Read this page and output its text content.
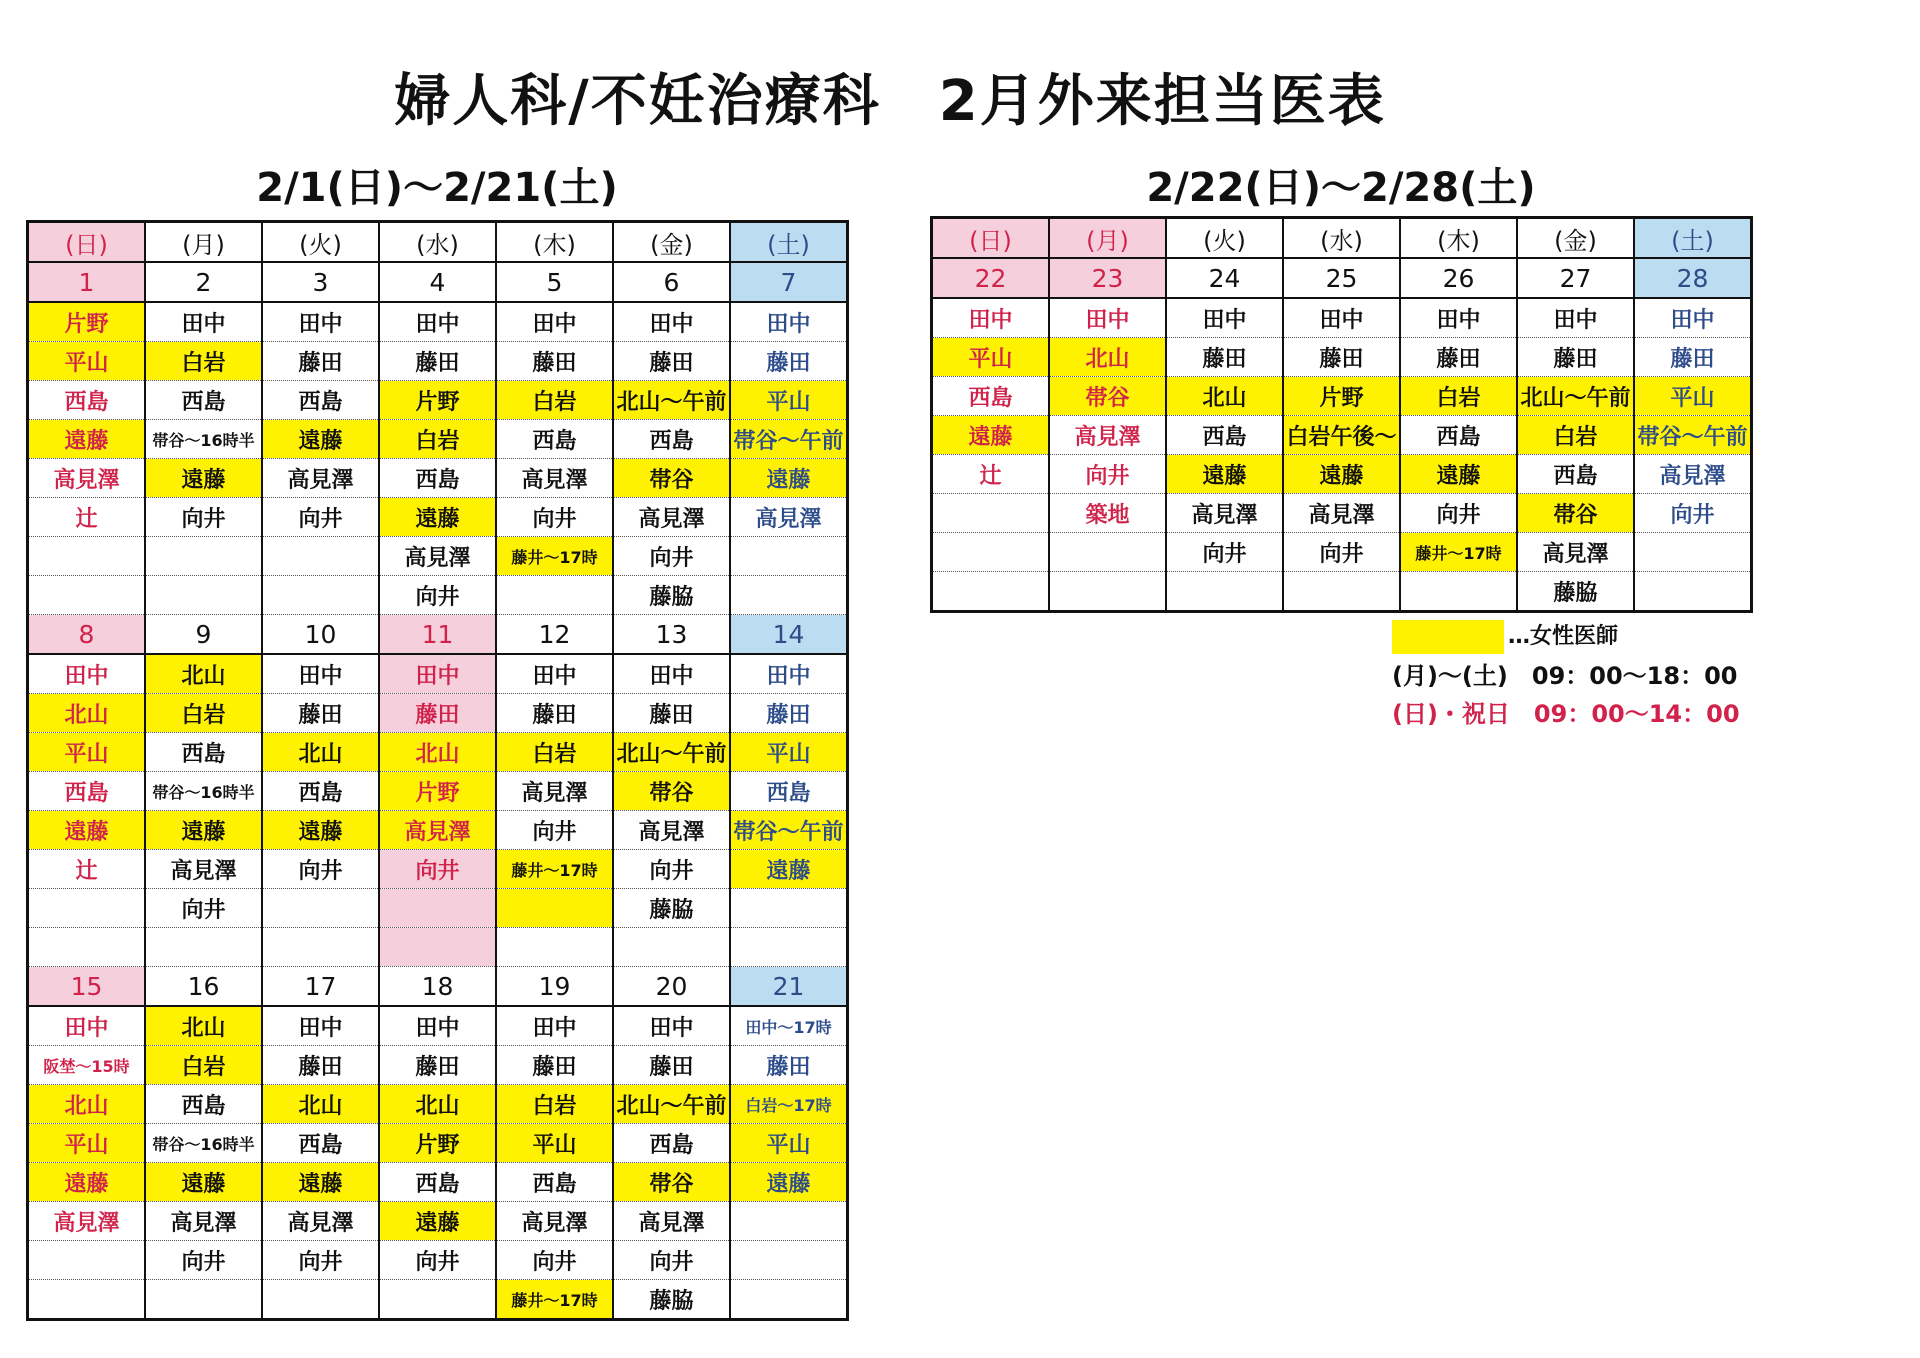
婦人科/不妊治療科　2月外来担当医表
2/1(日)～2/21(土)	2/22(日)～2/28(土)
(日)	(月)	(火)	(水)	(木)	(金)	(土)
1	2	3	4	5	6	7
片野	田中	田中	田中	田中	田中	田中
平山	白岩	藤田	藤田	藤田	藤田	藤田
西島	西島	西島	片野	白岩	北山～午前	平山
遠藤	帯谷～16時半	遠藤	白岩	西島	西島	帯谷～午前
高見澤	遠藤	高見澤	西島	高見澤	帯谷	遠藤
辻	向井	向井	遠藤	向井	高見澤	高見澤
			高見澤	藤井～17時	向井	
			向井		藤脇	
8	9	10	11	12	13	14
田中	北山	田中	田中	田中	田中	田中
北山	白岩	藤田	藤田	藤田	藤田	藤田
平山	西島	北山	北山	白岩	北山～午前	平山
西島	帯谷～16時半	西島	片野	高見澤	帯谷	西島
遠藤	遠藤	遠藤	高見澤	向井	高見澤	帯谷～午前
辻	高見澤	向井	向井	藤井～17時	向井	遠藤
	向井				藤脇	

15	16	17	18	19	20	21
田中	北山	田中	田中	田中	田中	田中～17時
阪埜～15時	白岩	藤田	藤田	藤田	藤田	藤田
北山	西島	北山	北山	白岩	北山～午前	白岩～17時
平山	帯谷～16時半	西島	片野	平山	西島	平山
遠藤	遠藤	遠藤	西島	西島	帯谷	遠藤
高見澤	高見澤	高見澤	遠藤	高見澤	高見澤	
	向井	向井	向井	向井	向井	
				藤井～17時	藤脇	
(日)	(月)	(火)	(水)	(木)	(金)	(土)
22	23	24	25	26	27	28
田中	田中	田中	田中	田中	田中	田中
平山	北山	藤田	藤田	藤田	藤田	藤田
西島	帯谷	北山	片野	白岩	北山～午前	平山
遠藤	高見澤	西島	白岩午後～	西島	白岩	帯谷～午前
辻	向井	遠藤	遠藤	遠藤	西島	高見澤
	築地	高見澤	高見澤	向井	帯谷	向井
		向井	向井	藤井～17時	高見澤	
					藤脇	
…女性医師
(月)～(土)　09：00～18：00
(日)・祝日　09：00～14：00
